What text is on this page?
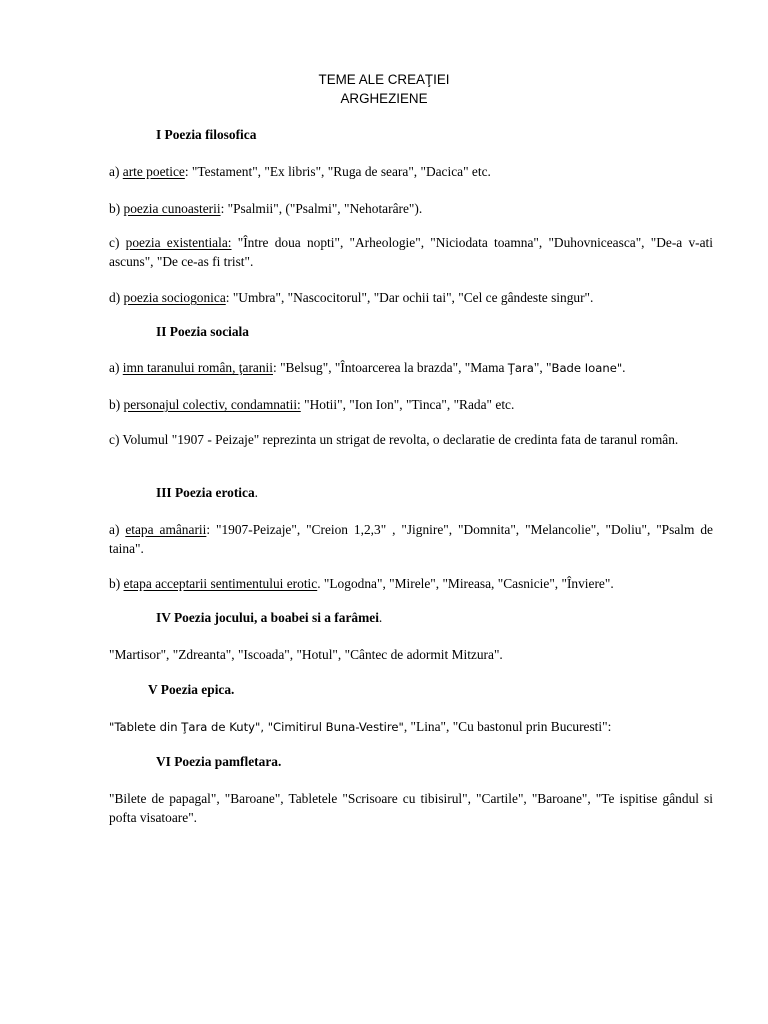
TEME ALE CREAŢIEI
ARGHEZIENE
I Poezia filosofica
a) arte poetice: "Testament", "Ex libris", "Ruga de seara", "Dacica" etc.
b) poezia cunoasterii: "Psalmii", ("Psalmi", "Nehotarâre").
c) poezia existentiala: "Între doua nopti", "Arheologie", "Niciodata toamna", "Duhovniceasca", "De-a v-ati ascuns", "De ce-as fi trist".
d) poezia sociogonica: "Umbra", "Nascocitorul", "Dar ochii tai", "Cel ce gândeste singur".
II Poezia sociala
a) imn taranului român, ţaranii: "Belsug", "Întoarcerea la brazda", "Mama Ţara", "Bade Ioane".
b) personajul colectiv, condamnatii: "Hotii", "Ion Ion", "Tinca", "Rada" etc.
c) Volumul "1907 - Peizaje" reprezinta un strigat de revolta, o declaratie de credinta fata de taranul român.
III Poezia erotica.
a) etapa amânarii: "1907-Peizaje", "Creion 1,2,3" , "Jignire", "Domnita", "Melancolie", "Doliu", "Psalm de taina".
b) etapa acceptarii sentimentului erotic. "Logodna", "Mirele", "Mireasa, "Casnicie", "Înviere".
IV Poezia jocului, a boabei si a farâmei.
"Martisor", "Zdreanta", "Iscoada", "Hotul", "Cântec de adormit Mitzura".
V Poezia epica.
"Tablete din Ţara de Kuty", "Cimitirul Buna-Vestire", "Lina", "Cu bastonul prin Bucuresti":
VI Poezia pamfletara.
"Bilete de papagal", "Baroane", Tabletele "Scrisoare cu tibisirul", "Cartile", "Baroane", "Te ispitise gândul si pofta visatoare".
